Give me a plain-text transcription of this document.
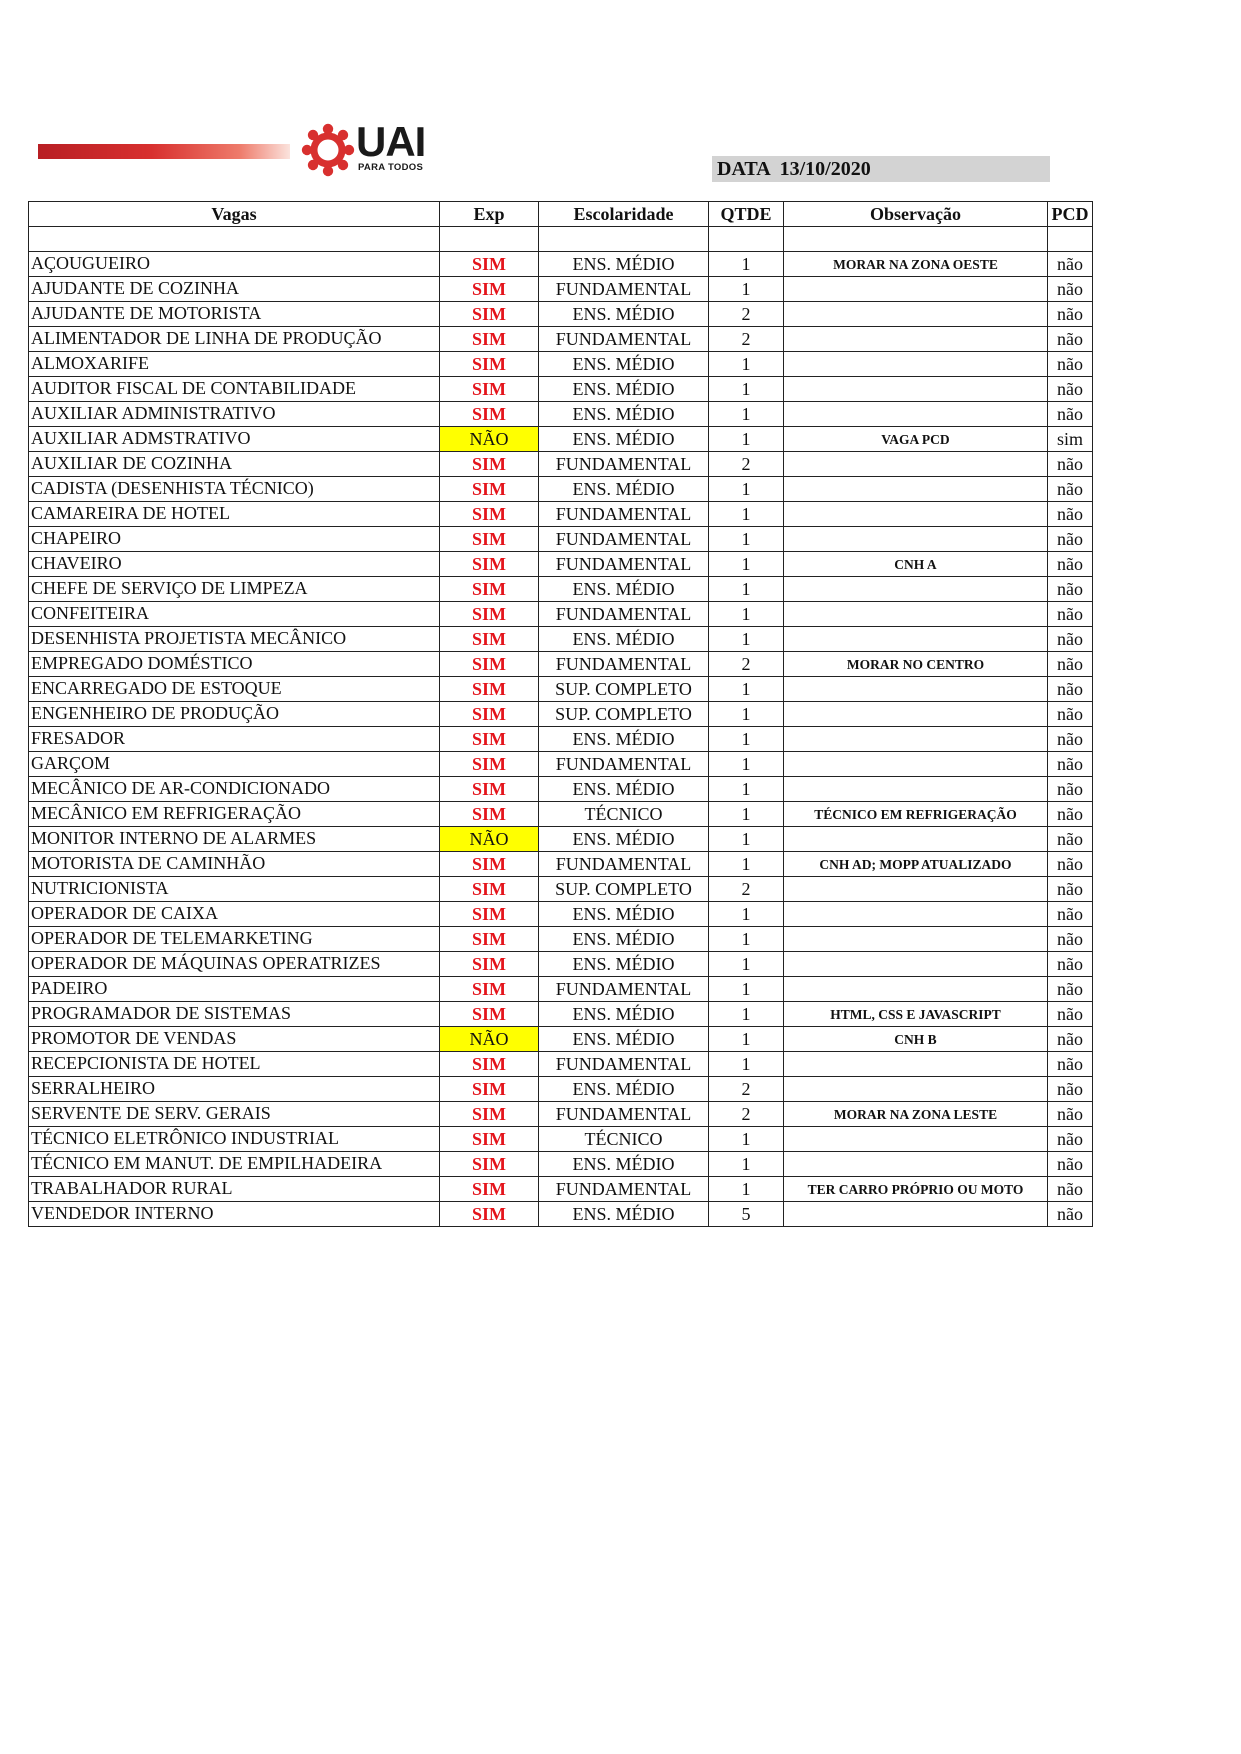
UAI
PARA TODOS	DATA 13/10/2020
Vagas	Exp	Escolaridade	QTDE	Observação	PCD

AÇOUGUEIRO	SIM	ENS. MÉDIO	1	MORAR NA ZONA OESTE	não
AJUDANTE DE COZINHA	SIM	FUNDAMENTAL	1		não
AJUDANTE DE MOTORISTA	SIM	ENS. MÉDIO	2		não
ALIMENTADOR DE LINHA DE PRODUÇÃO	SIM	FUNDAMENTAL	2		não
ALMOXARIFE	SIM	ENS. MÉDIO	1		não
AUDITOR FISCAL DE CONTABILIDADE	SIM	ENS. MÉDIO	1		não
AUXILIAR ADMINISTRATIVO	SIM	ENS. MÉDIO	1		não
AUXILIAR ADMSTRATIVO	NÃO	ENS. MÉDIO	1	VAGA PCD	sim
AUXILIAR DE COZINHA	SIM	FUNDAMENTAL	2		não
CADISTA (DESENHISTA TÉCNICO)	SIM	ENS. MÉDIO	1		não
CAMAREIRA DE HOTEL	SIM	FUNDAMENTAL	1		não
CHAPEIRO	SIM	FUNDAMENTAL	1		não
CHAVEIRO	SIM	FUNDAMENTAL	1	CNH A	não
CHEFE DE SERVIÇO DE LIMPEZA	SIM	ENS. MÉDIO	1		não
CONFEITEIRA	SIM	FUNDAMENTAL	1		não
DESENHISTA PROJETISTA MECÂNICO	SIM	ENS. MÉDIO	1		não
EMPREGADO DOMÉSTICO	SIM	FUNDAMENTAL	2	MORAR NO CENTRO	não
ENCARREGADO DE ESTOQUE	SIM	SUP. COMPLETO	1		não
ENGENHEIRO DE PRODUÇÃO	SIM	SUP. COMPLETO	1		não
FRESADOR	SIM	ENS. MÉDIO	1		não
GARÇOM	SIM	FUNDAMENTAL	1		não
MECÂNICO DE AR-CONDICIONADO	SIM	ENS. MÉDIO	1		não
MECÂNICO EM REFRIGERAÇÃO	SIM	TÉCNICO	1	TÉCNICO EM REFRIGERAÇÃO	não
MONITOR INTERNO DE ALARMES	NÃO	ENS. MÉDIO	1		não
MOTORISTA DE CAMINHÃO	SIM	FUNDAMENTAL	1	CNH AD; MOPP ATUALIZADO	não
NUTRICIONISTA	SIM	SUP. COMPLETO	2		não
OPERADOR DE CAIXA	SIM	ENS. MÉDIO	1		não
OPERADOR DE TELEMARKETING	SIM	ENS. MÉDIO	1		não
OPERADOR DE MÁQUINAS OPERATRIZES	SIM	ENS. MÉDIO	1		não
PADEIRO	SIM	FUNDAMENTAL	1		não
PROGRAMADOR DE SISTEMAS	SIM	ENS. MÉDIO	1	HTML, CSS E JAVASCRIPT	não
PROMOTOR DE VENDAS	NÃO	ENS. MÉDIO	1	CNH B	não
RECEPCIONISTA DE HOTEL	SIM	FUNDAMENTAL	1		não
SERRALHEIRO	SIM	ENS. MÉDIO	2		não
SERVENTE DE SERV. GERAIS	SIM	FUNDAMENTAL	2	MORAR NA ZONA LESTE	não
TÉCNICO ELETRÔNICO INDUSTRIAL	SIM	TÉCNICO	1		não
TÉCNICO EM MANUT. DE EMPILHADEIRA	SIM	ENS. MÉDIO	1		não
TRABALHADOR RURAL	SIM	FUNDAMENTAL	1	TER CARRO PRÓPRIO OU MOTO	não
VENDEDOR INTERNO	SIM	ENS. MÉDIO	5		não
